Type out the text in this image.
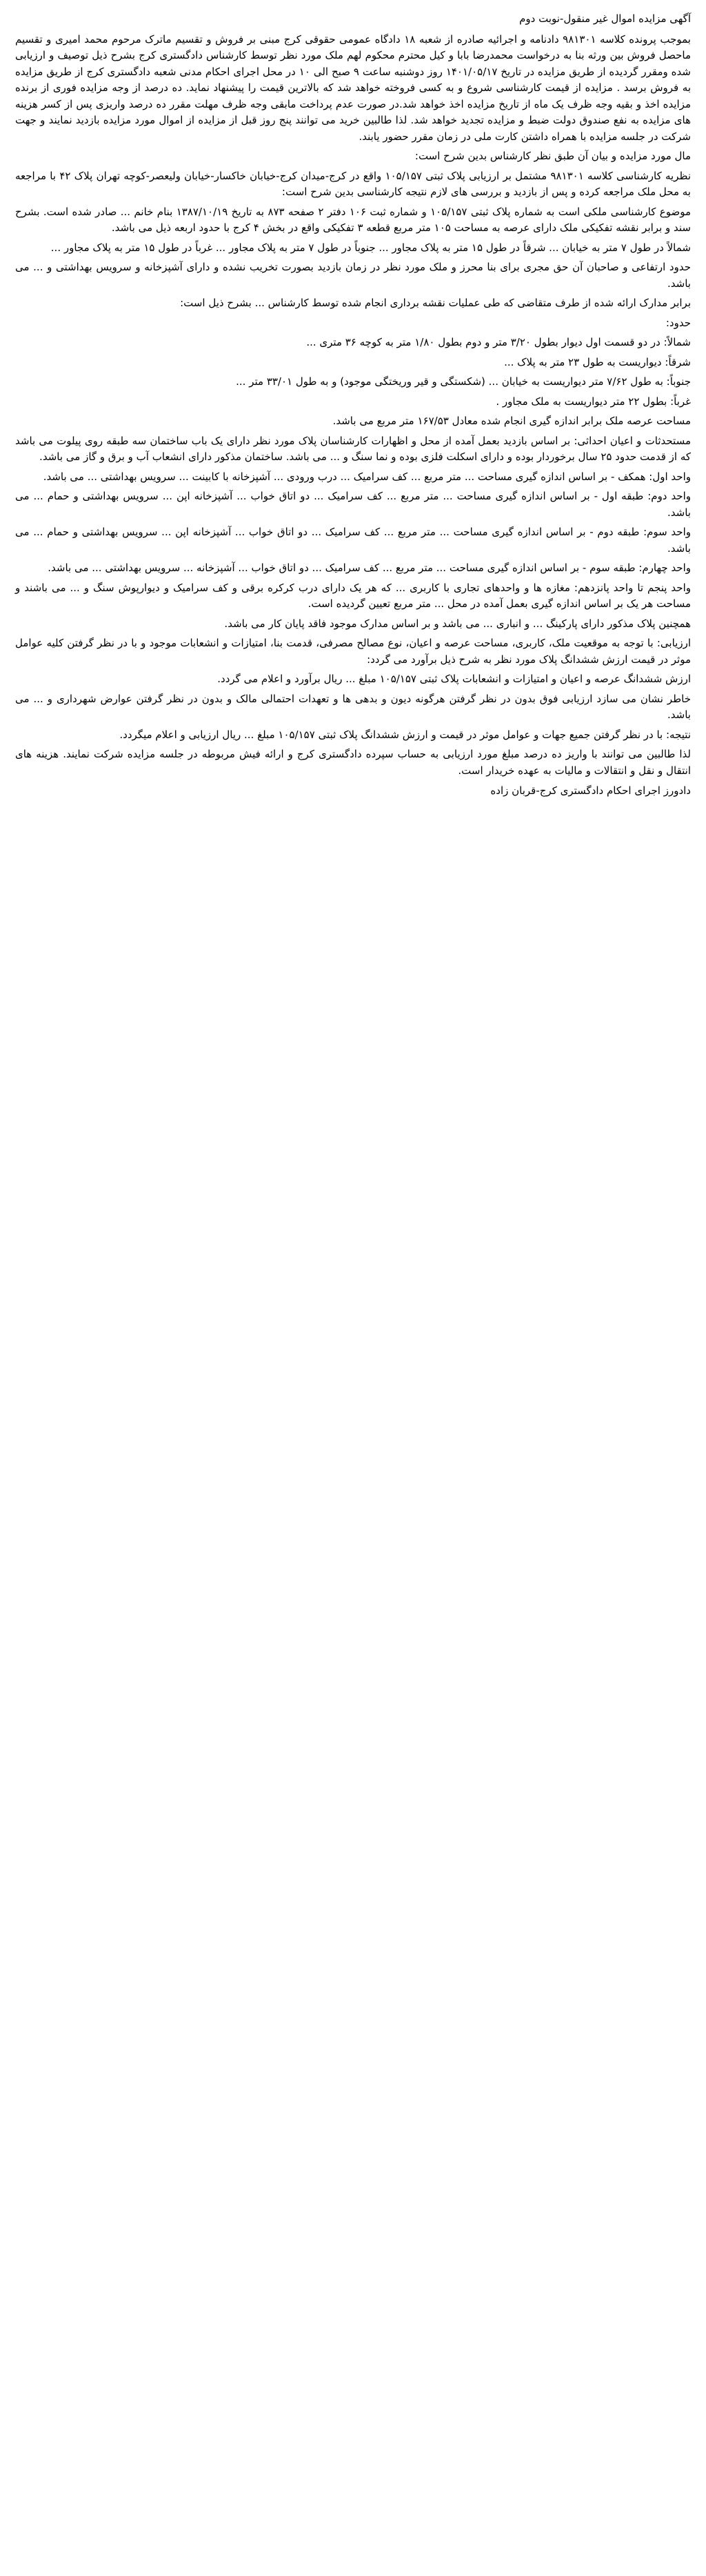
آگهی مزایده اموال غیر منقول-نوبت دوم

بموجب پرونده کلاسه ۹۸۱۳۰۱ دادنامه و اجرائیه صادره از شعبه ۱۸ دادگاه عمومی حقوقی کرج مبنی بر فروش و تقسیم ماترک مرحوم محمد امیری و تقسیم ماحصل فروش بین ورثه بنا به درخواست محمدرضا بابا و کیل محترم محکوم لهم ملک مورد نظر توسط کارشناس دادگستری کرج بشرح ذیل توصیف و ارزیابی شده ومقرر گردیده از طریق مزایده در تاریخ ۱۴۰۱/۰۵/۱۷ روز دوشنبه ساعت ۹ صبح الی ۱۰ در محل اجرای احکام مدنی شعبه دادگستری کرج از طریق مزایده به فروش برسد . مزایده از قیمت کارشناسی شروع و به کسی فروخته خواهد شد که بالاترین قیمت را پیشنهاد نماید. ده درصد از وجه مزایده فوری از برنده مزایده اخذ و بقیه وجه ظرف یک ماه از تاریخ مزایده اخذ خواهد شد.در صورت عدم پرداخت مابقی وجه ظرف مهلت مقرر ده درصد واریزی پس از کسر هزینه های مزایده به نفع صندوق دولت ضبط و مزایده تجدید خواهد شد. لذا طالبین خرید می توانند پنج روز قبل از مزایده از اموال مورد مزایده بازدید نمایند و جهت شرکت در جلسه مزایده با همراه داشتن کارت ملی در زمان مقرر حضور یابند.

مال مورد مزایده و بیان آن طبق نظر کارشناس بدین شرح است:

نظریه کارشناسی کلاسه ۹۸۱۳۰۱ مشتمل بر ارزیابی پلاک ثبتی ۱۰۵/۱۵۷ واقع در کرج-میدان کرج-خیابان خاکسار-خیابان ولیعصر-کوچه تهران پلاک ۴۲ با مراجعه به محل ملک مراجعه کرده و پس از بازدید و بررسی های لازم نتیجه کارشناسی بدین شرح است:

موضوع کارشناسی ملکی است به شماره پلاک ثبتی ۱۰۵/۱۵۷ و شماره ثبت ۱۰۶ دفتر ۲ صفحه ۸۷۳ به تاریخ ۱۳۸۷/۱۰/۱۹ بنام خانم ... صادر شده است. بشرح سند و برابر نقشه تفکیکی ملک دارای عرصه به مساحت ۱۰۵ متر مربع قطعه ۳ تفکیکی واقع در بخش ۴ کرج با حدود اربعه ذیل می باشد.

شمالاً در طول ۷ متر به خیابان ... شرقاً در طول ۱۵ متر به پلاک مجاور ... جنوباً در طول ۷ متر به پلاک مجاور ... غرباً در طول ۱۵ متر به پلاک مجاور ...

حدود ارتفاعی و صاحبان آن حق مجری برای بنا محرز و ملک مورد نظر در زمان بازدید بصورت تخریب نشده و دارای آشپزخانه و سرویس بهداشتی و ... می باشد.

برابر مدارک ارائه شده از طرف متقاضی که طی عملیات نقشه برداری انجام شده توسط کارشناس ... بشرح ذیل است:

حدود:

شمالاً: در دو قسمت اول دیوار بطول ۳/۲۰ متر و دوم بطول ۱/۸۰ متر به کوچه ۳۶ متری ...

شرقاً: دیواریست به طول ۲۳ متر به پلاک ...

جنوباً: به طول ۷/۶۲ متر دیواریست به خیابان ... (شکستگی و قیر وریختگی موجود) و به طول ۳۳/۰۱ متر ...

غرباً: بطول ۲۲ متر دیواریست به ملک مجاور .

مساحت عرصه ملک برابر اندازه گیری انجام شده معادل ۱۶۷/۵۳ متر مربع می باشد.

مستحدثات و اعیان احداثی: بر اساس بازدید بعمل آمده از محل و اظهارات کارشناسان پلاک مورد نظر دارای یک باب ساختمان سه طبقه روی پیلوت می باشد که از قدمت حدود ۲۵ سال برخوردار بوده و دارای اسکلت فلزی بوده و نما سنگ و ... می باشد. ساختمان مذکور دارای انشعاب آب و برق و گاز می باشد.

واحد اول: همکف - بر اساس اندازه گیری مساحت ... متر مربع ... کف سرامیک ... درب ورودی ... آشپزخانه با کابینت ... سرویس بهداشتی ... می باشد.

واحد دوم: طبقه اول - بر اساس اندازه گیری مساحت ... متر مربع ... کف سرامیک ... دو اتاق خواب ... آشپزخانه اپن ... سرویس بهداشتی و حمام ... می باشد.

واحد سوم: طبقه دوم - بر اساس اندازه گیری مساحت ... متر مربع ... کف سرامیک ... دو اتاق خواب ... آشپزخانه اپن ... سرویس بهداشتی و حمام ... می باشد.

واحد چهارم: طبقه سوم - بر اساس اندازه گیری مساحت ... متر مربع ... کف سرامیک ... دو اتاق خواب ... آشپزخانه ... سرویس بهداشتی ... می باشد.

واحد پنجم تا واحد پانزدهم: مغازه ها و واحدهای تجاری با کاربری ... که هر یک دارای درب کرکره برقی و کف سرامیک و دیوارپوش سنگ و ... می باشند و مساحت هر یک بر اساس اندازه گیری بعمل آمده در محل ... متر مربع تعیین گردیده است.

همچنین پلاک مذکور دارای پارکینگ ... و انباری ... می باشد و بر اساس مدارک موجود فاقد پایان کار می باشد.

ارزیابی: با توجه به موقعیت ملک، کاربری، مساحت عرصه و اعیان، نوع مصالح مصرفی، قدمت بنا، امتیازات و انشعابات موجود و با در نظر گرفتن کلیه عوامل موثر در قیمت ارزش ششدانگ پلاک مورد نظر به شرح ذیل برآورد می گردد:

ارزش ششدانگ عرصه و اعیان و امتیازات و انشعابات پلاک ثبتی ۱۰۵/۱۵۷ مبلغ ... ریال برآورد و اعلام می گردد.

خاطر نشان می سازد ارزیابی فوق بدون در نظر گرفتن هرگونه دیون و بدهی ها و تعهدات احتمالی مالک و بدون در نظر گرفتن عوارض شهرداری و ... می باشد.

نتیجه: با در نظر گرفتن جمیع جهات و عوامل موثر در قیمت و ارزش ششدانگ پلاک ثبتی ۱۰۵/۱۵۷ مبلغ ... ریال ارزیابی و اعلام میگردد.

لذا طالبین می توانند با واریز ده درصد مبلغ مورد ارزیابی به حساب سپرده دادگستری کرج و ارائه فیش مربوطه در جلسه مزایده شرکت نمایند. هزینه های انتقال و نقل و انتقالات و مالیات به عهده خریدار است.

دادورز اجرای احکام دادگستری کرج-قربان زاده
